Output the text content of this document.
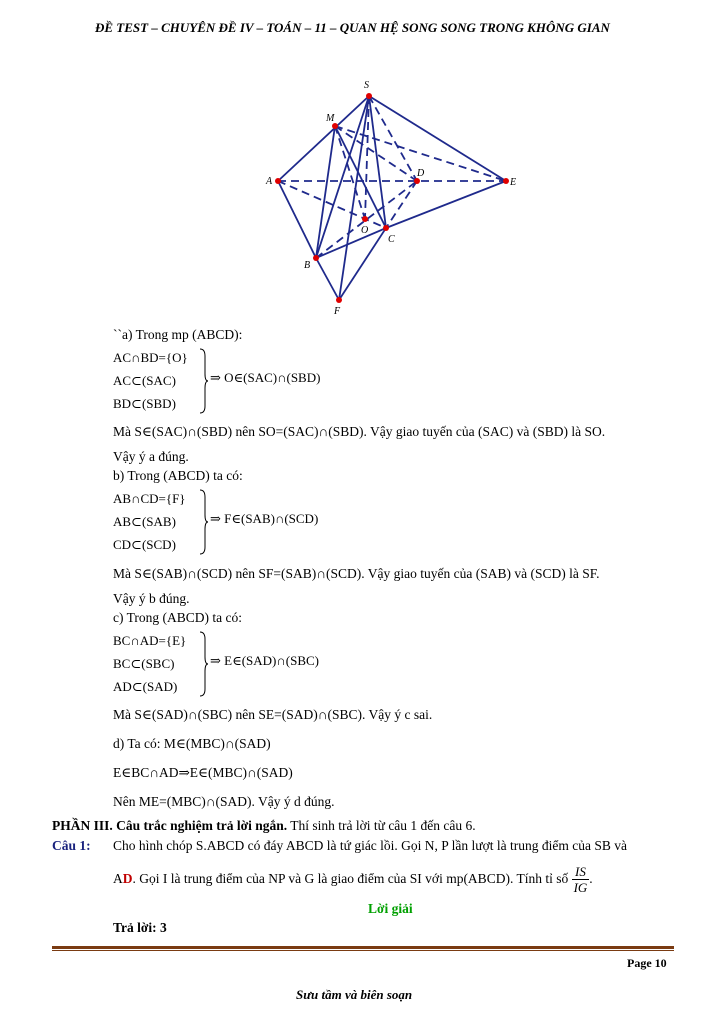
ĐỀ TEST – CHUYÊN ĐỀ IV – TOÁN – 11 – QUAN HỆ SONG SONG TRONG KHÔNG GIAN
S
M
A
D
E
O
C
B
F
``a) Trong mp (ABCD):
AC∩BD={O}
AC⊂(SAC)
BD⊂(SBD)
⇒ O∈(SAC)∩(SBD)
Mà S∈(SAC)∩(SBD) nên SO=(SAC)∩(SBD). Vậy giao tuyến của (SAC) và (SBD) là SO.
Vậy ý a đúng.
b) Trong (ABCD) ta có:
AB∩CD={F}
AB⊂(SAB)
CD⊂(SCD)
⇒ F∈(SAB)∩(SCD)
Mà S∈(SAB)∩(SCD) nên SF=(SAB)∩(SCD). Vậy giao tuyến của (SAB) và (SCD) là SF.
Vậy ý b đúng.
c) Trong (ABCD) ta có:
BC∩AD={E}
BC⊂(SBC)
AD⊂(SAD)
⇒ E∈(SAD)∩(SBC)
Mà S∈(SAD)∩(SBC) nên SE=(SAD)∩(SBC). Vậy ý c sai.
d) Ta có: M∈(MBC)∩(SAD)
E∈BC∩AD⇒E∈(MBC)∩(SAD)
Nên ME=(MBC)∩(SAD). Vậy ý d đúng.
PHẦN III. Câu trắc nghiệm trả lời ngắn. Thí sinh trả lời từ câu 1 đến câu 6.
Câu 1: Cho hình chóp S.ABCD có đáy ABCD là tứ giác lồi. Gọi N, P lần lượt là trung điểm của SB và
AD. Gọi I là trung điểm của NP và G là giao điểm của SI với mp(ABCD). Tính tỉ số $\frac{IS}{IG}$ .
Lời giải
Trả lời: 3
Page 10
Sưu tầm và biên soạn
